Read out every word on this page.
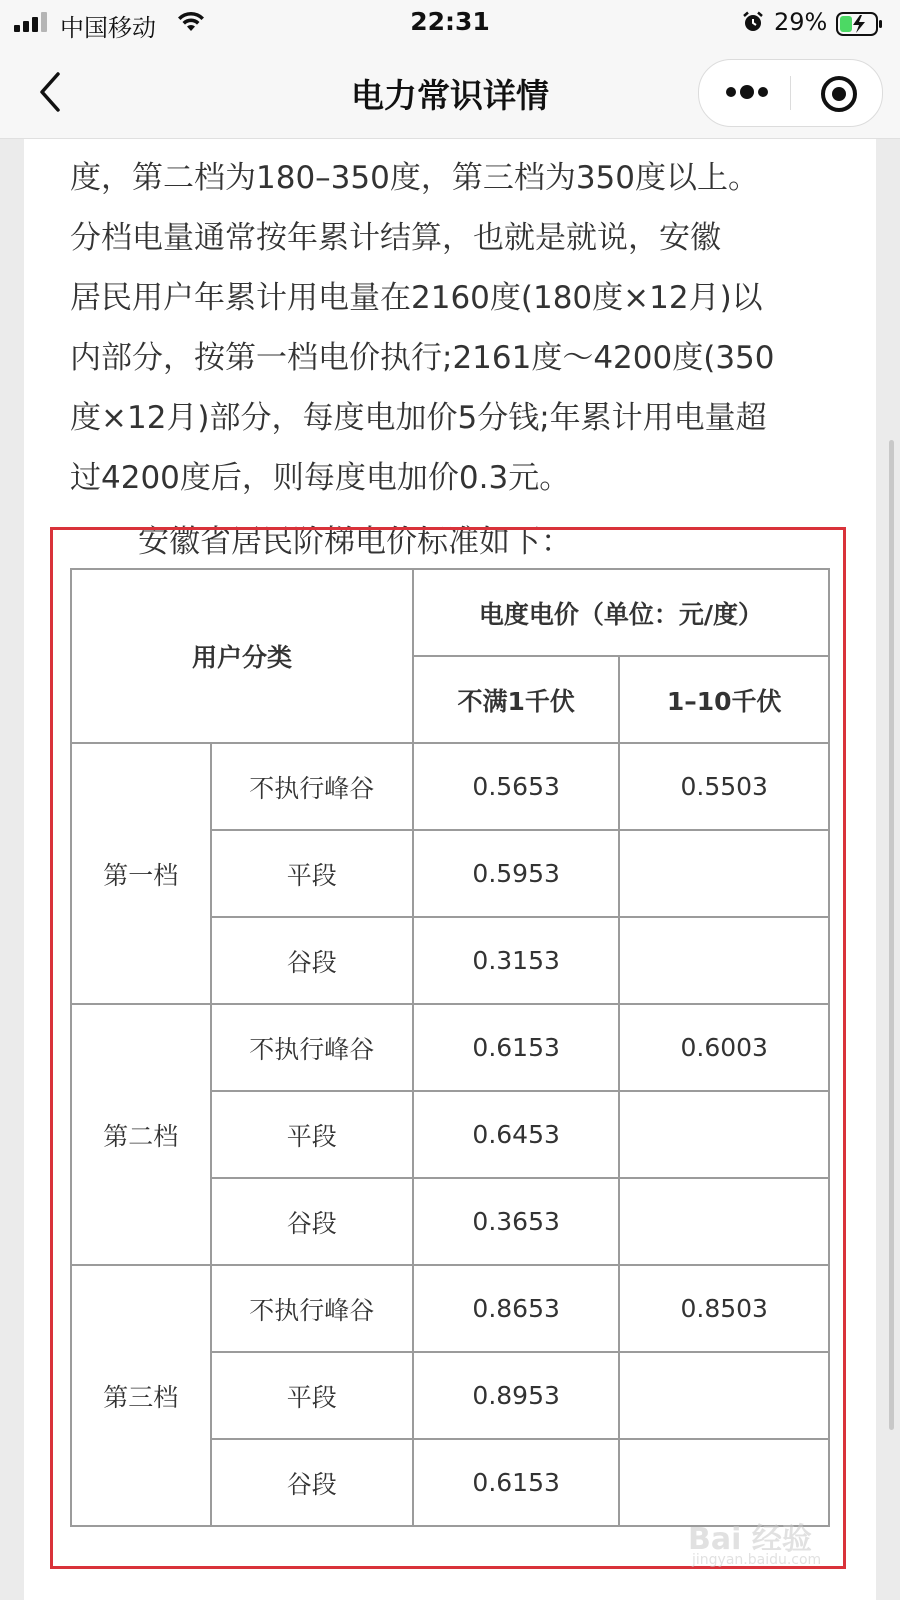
中国移动	22:31	29%
电力常识详情
度，第二档为180–350度，第三档为350度以上。
分档电量通常按年累计结算，也就是就说，安徽
居民用户年累计用电量在2160度(180度×12月)以
内部分，按第一档电价执行;2161度～4200度(350
度×12月)部分，每度电加价5分钱;年累计用电量超
过4200度后，则每度电加价0.3元。
安徽省居民阶梯电价标准如下：
用户分类		电度电价（单位：元/度）	
		不满1千伏	1–10千伏
第一档	不执行峰谷	0.5653	0.5503
	平段	0.5953	
	谷段	0.3153	
第二档	不执行峰谷	0.6153	0.6003
	平段	0.6453	
	谷段	0.3653	
第三档	不执行峰谷	0.8653	0.8503
	平段	0.8953	
	谷段	0.6153	
Bai 经验
jingyan.baidu.com
